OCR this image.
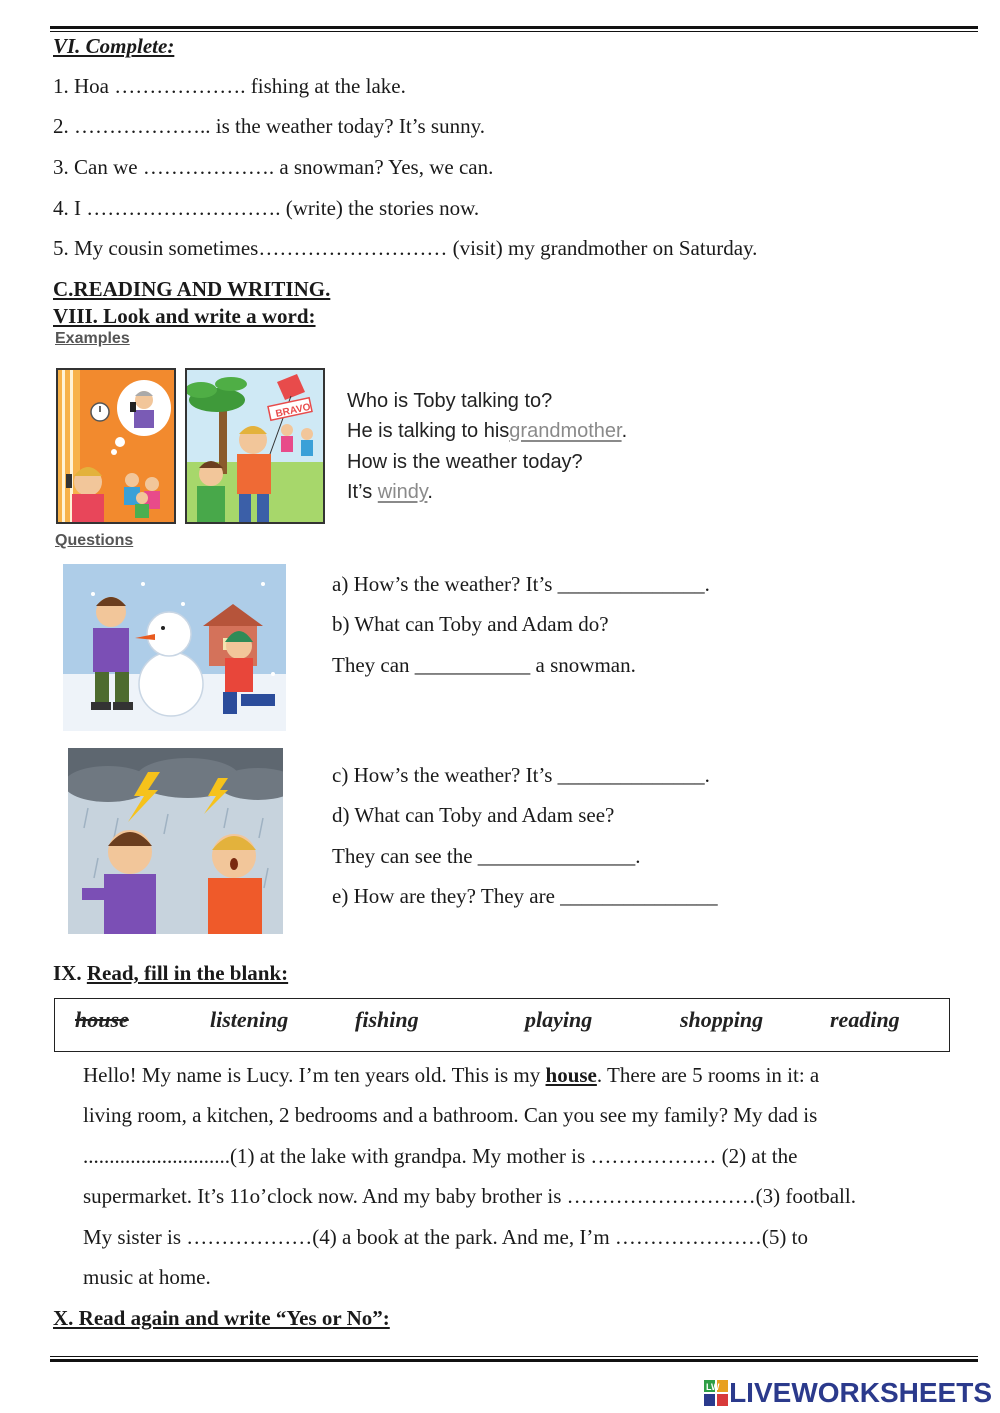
VI. Complete:
1. Hoa ………………. fishing at the lake.
2. ……………….. is the weather today? It’s sunny.
3. Can we ………………. a snowman? Yes, we can.
4. I ………………………. (write) the stories now.
5. My cousin sometimes……………………… (visit) my grandmother on Saturday.
C.READING AND WRITING.
VIII. Look and write a word:
Examples
BRAVO Who is Toby talking to?
He is talking to hisgrandmother.
How is the weather today?
It’s windy.
Questions
a) How’s the weather? It’s ______________.
b) What can Toby and Adam do?
They can ___________ a snowman.
c) How’s the weather? It’s ______________.
d) What can Toby and Adam see?
They can see the _______________.
e) How are they? They are _______________
IX. Read, fill in the blank:
house	listening	fishing	playing	shopping	reading
Hello! My name is Lucy. I’m ten years old. This is my house. There are 5 rooms in it: a
living room, a kitchen, 2 bedrooms and a bathroom. Can you see my family? My dad is
............................(1) at the lake with grandpa. My mother is ……………… (2) at the
supermarket. It’s 11o’clock now. And my baby brother is ………………………(3) football.
My sister is ………………(4) a book at the park. And me, I’m …………………(5) to
music at home.
X. Read again and write “Yes or No”:
LW LIVEWORKSHEETS
